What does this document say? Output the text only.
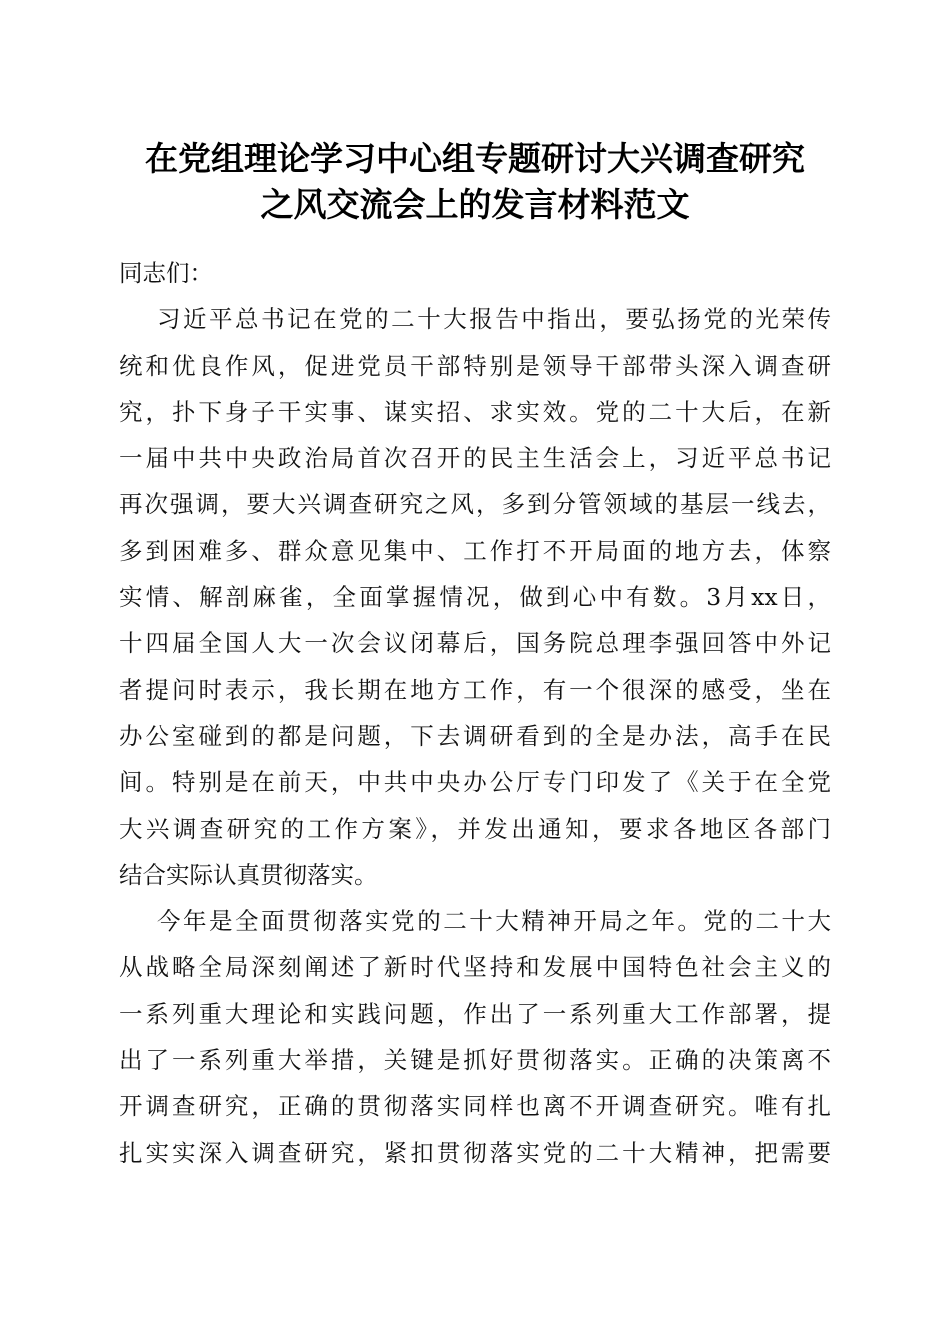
在党组理论学习中心组专题研讨大兴调查研究
之风交流会上的发言材料范文
同志们：
习近平总书记在党的二十大报告中指出，要弘扬党的光荣传
统和优良作风，促进党员干部特别是领导干部带头深入调查研
究，扑下身子干实事、谋实招、求实效。党的二十大后，在新
一届中共中央政治局首次召开的民主生活会上，习近平总书记
再次强调，要大兴调查研究之风，多到分管领域的基层一线去，
多到困难多、群众意见集中、工作打不开局面的地方去，体察
实情、解剖麻雀，全面掌握情况，做到心中有数。3月xx日，
十四届全国人大一次会议闭幕后，国务院总理李强回答中外记
者提问时表示，我长期在地方工作，有一个很深的感受，坐在
办公室碰到的都是问题，下去调研看到的全是办法，高手在民
间。特别是在前天，中共中央办公厅专门印发了《关于在全党
大兴调查研究的工作方案》，并发出通知，要求各地区各部门
结合实际认真贯彻落实。
今年是全面贯彻落实党的二十大精神开局之年。党的二十大
从战略全局深刻阐述了新时代坚持和发展中国特色社会主义的
一系列重大理论和实践问题，作出了一系列重大工作部署，提
出了一系列重大举措，关键是抓好贯彻落实。正确的决策离不
开调查研究，正确的贯彻落实同样也离不开调查研究。唯有扎
扎实实深入调查研究，紧扣贯彻落实党的二十大精神，把需要
